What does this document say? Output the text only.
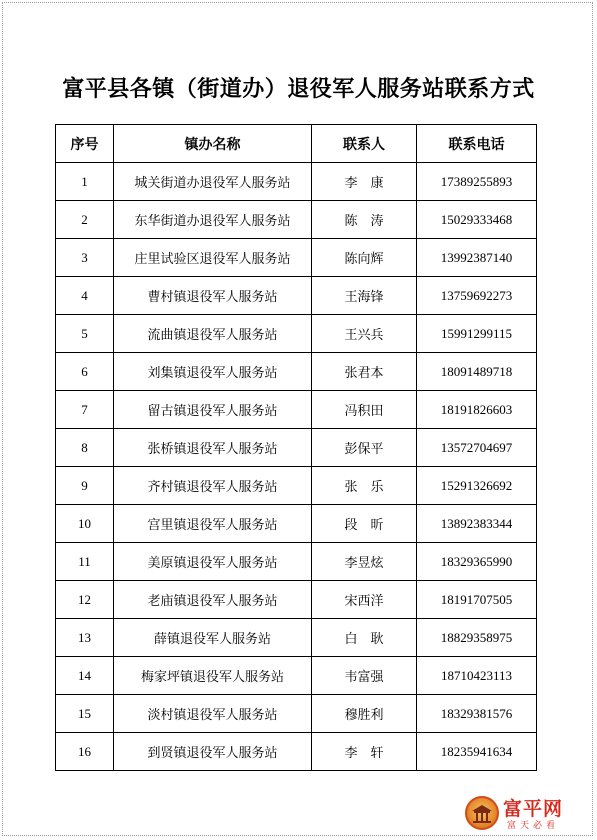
富平县各镇（街道办）退役军人服务站联系方式
序号	镇办名称	联系人	联系电话
1	城关街道办退役军人服务站	李　康	17389255893
2	东华街道办退役军人服务站	陈　涛	15029333468
3	庄里试验区退役军人服务站	陈向辉	13992387140
4	曹村镇退役军人服务站	王海锋	13759692273
5	流曲镇退役军人服务站	王兴兵	15991299115
6	刘集镇退役军人服务站	张君本	18091489718
7	留古镇退役军人服务站	冯积田	18191826603
8	张桥镇退役军人服务站	彭保平	13572704697
9	齐村镇退役军人服务站	张　乐	15291326692
10	宫里镇退役军人服务站	段　昕	13892383344
11	美原镇退役军人服务站	李昱炫	18329365990
12	老庙镇退役军人服务站	宋西洋	18191707505
13	薛镇退役军人服务站	白　耿	18829358975
14	梅家坪镇退役军人服务站	韦富强	18710423113
15	淡村镇退役军人服务站	穆胜利	18329381576
16	到贤镇退役军人服务站	李　轩	18235941634
富平网
富天必看
